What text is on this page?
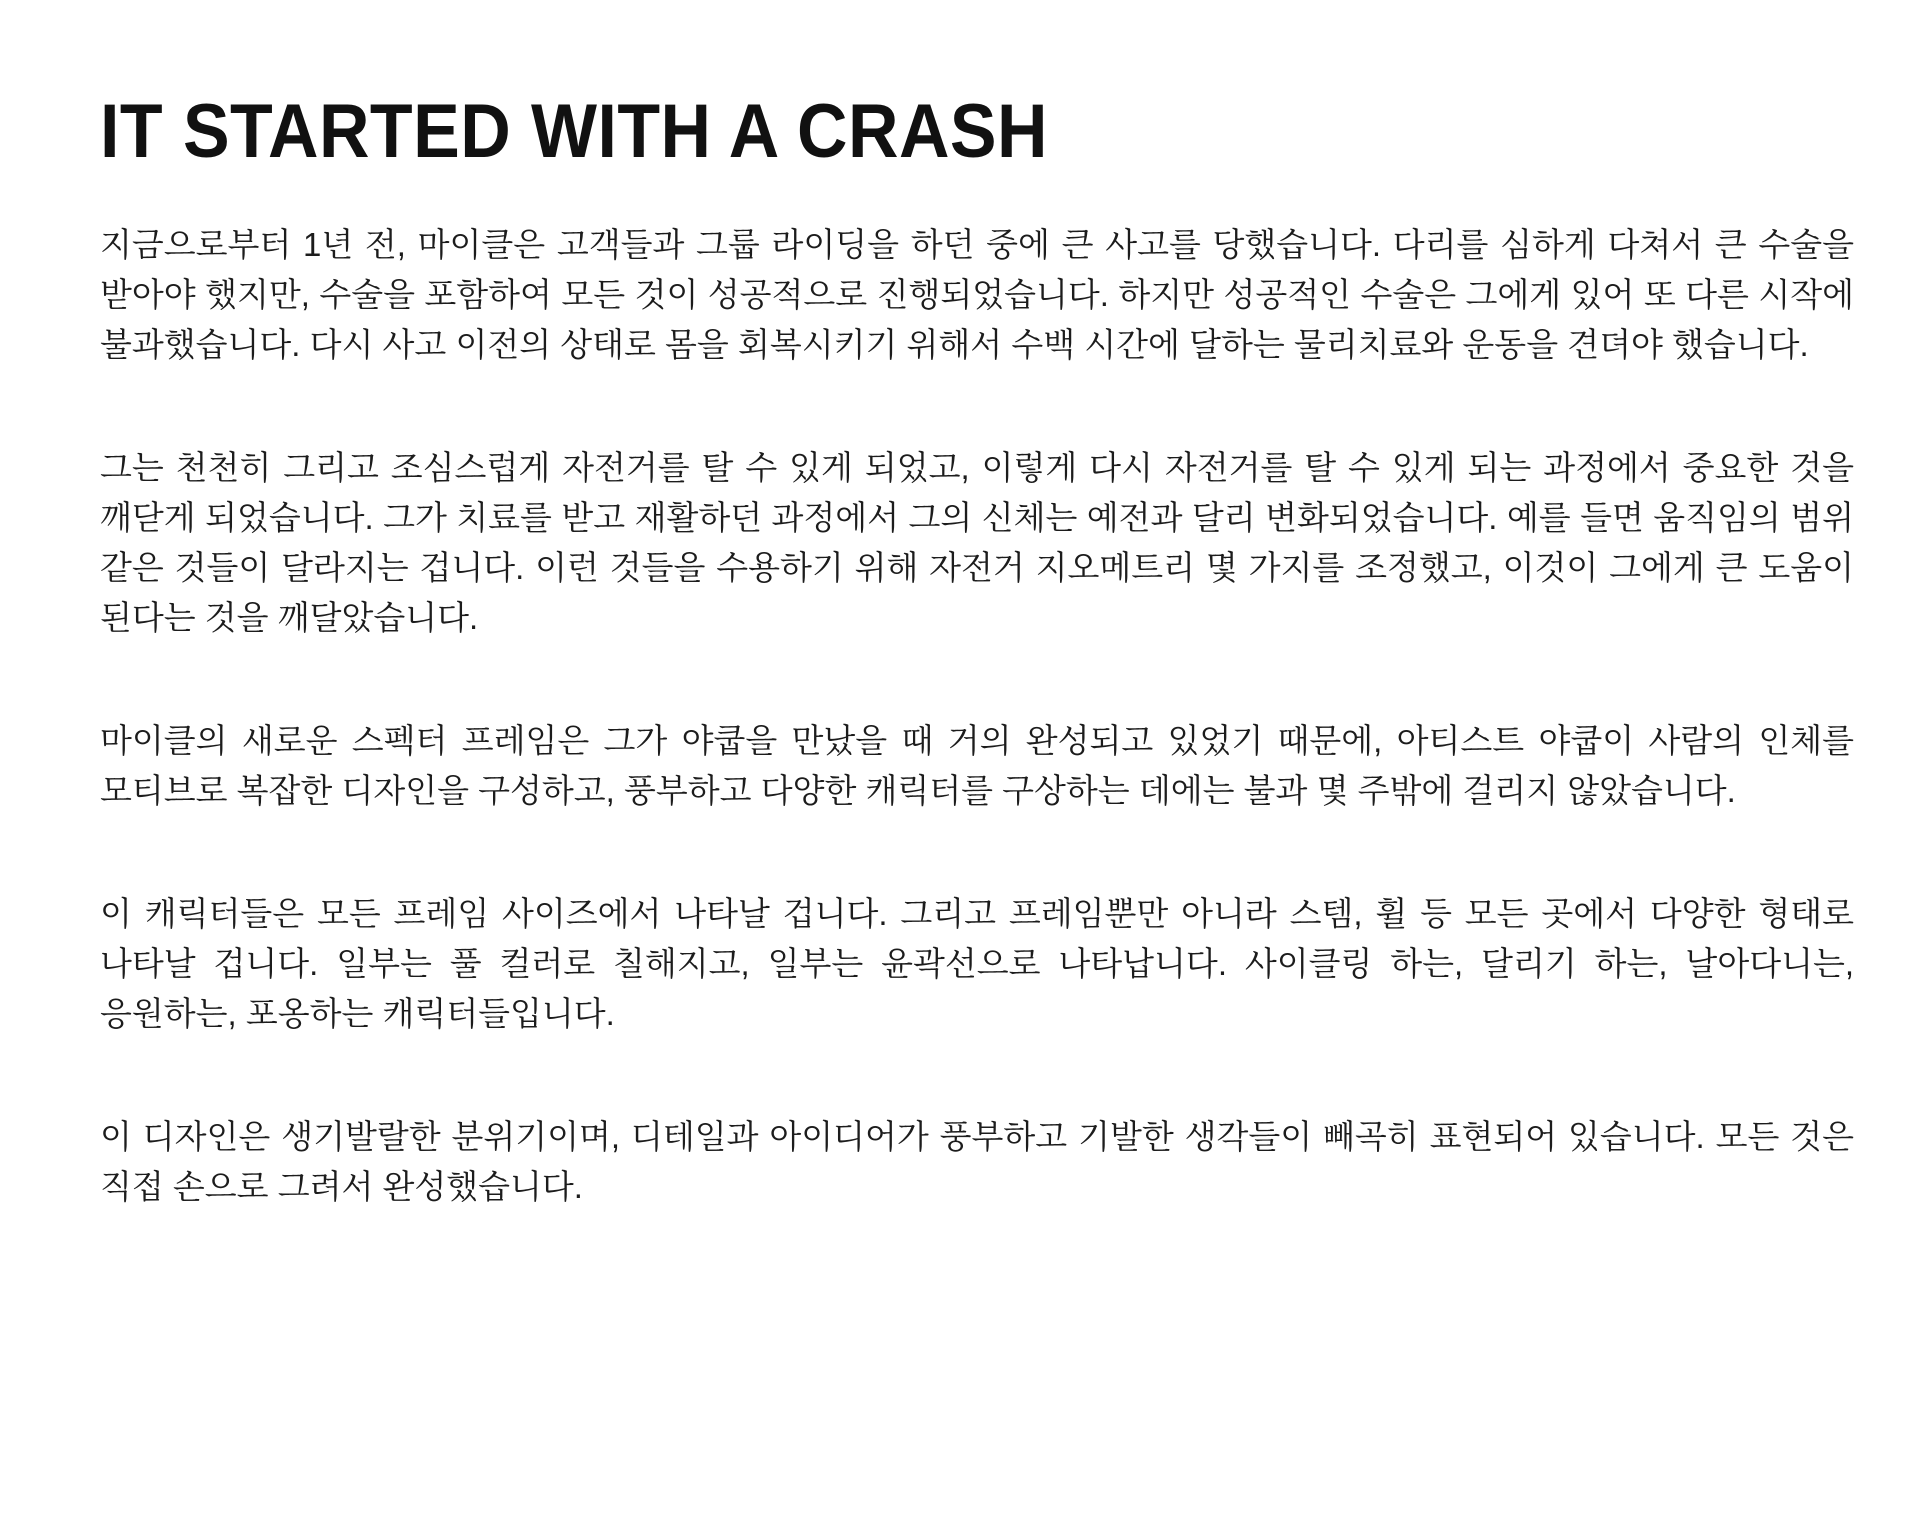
IT STARTED WITH A CRASH

지금으로부터 1년 전, 마이클은 고객들과 그룹 라이딩을 하던 중에 큰 사고를 당했습니다. 다리를 심하게 다쳐서 큰 수술을 받아야 했지만, 수술을 포함하여 모든 것이 성공적으로 진행되었습니다. 하지만 성공적인 수술은 그에게 있어 또 다른 시작에 불과했습니다. 다시 사고 이전의 상태로 몸을 회복시키기 위해서 수백 시간에 달하는 물리치료와 운동을 견뎌야 했습니다.

그는 천천히 그리고 조심스럽게 자전거를 탈 수 있게 되었고, 이렇게 다시 자전거를 탈 수 있게 되는 과정에서 중요한 것을 깨닫게 되었습니다. 그가 치료를 받고 재활하던 과정에서 그의 신체는 예전과 달리 변화되었습니다. 예를 들면 움직임의 범위 같은 것들이 달라지는 겁니다. 이런 것들을 수용하기 위해 자전거 지오메트리 몇 가지를 조정했고, 이것이 그에게 큰 도움이 된다는 것을 깨달았습니다.

마이클의 새로운 스펙터 프레임은 그가 야쿱을 만났을 때 거의 완성되고 있었기 때문에, 아티스트 야쿱이 사람의 인체를 모티브로 복잡한 디자인을 구성하고, 풍부하고 다양한 캐릭터를 구상하는 데에는 불과 몇 주밖에 걸리지 않았습니다.

이 캐릭터들은 모든 프레임 사이즈에서 나타날 겁니다. 그리고 프레임뿐만 아니라 스템, 휠 등 모든 곳에서 다양한 형태로 나타날 겁니다. 일부는 풀 컬러로 칠해지고, 일부는 윤곽선으로 나타납니다. 사이클링 하는, 달리기 하는, 날아다니는, 응원하는, 포옹하는 캐릭터들입니다.

이 디자인은 생기발랄한 분위기이며, 디테일과 아이디어가 풍부하고 기발한 생각들이 빼곡히 표현되어 있습니다. 모든 것은 직접 손으로 그려서 완성했습니다.
